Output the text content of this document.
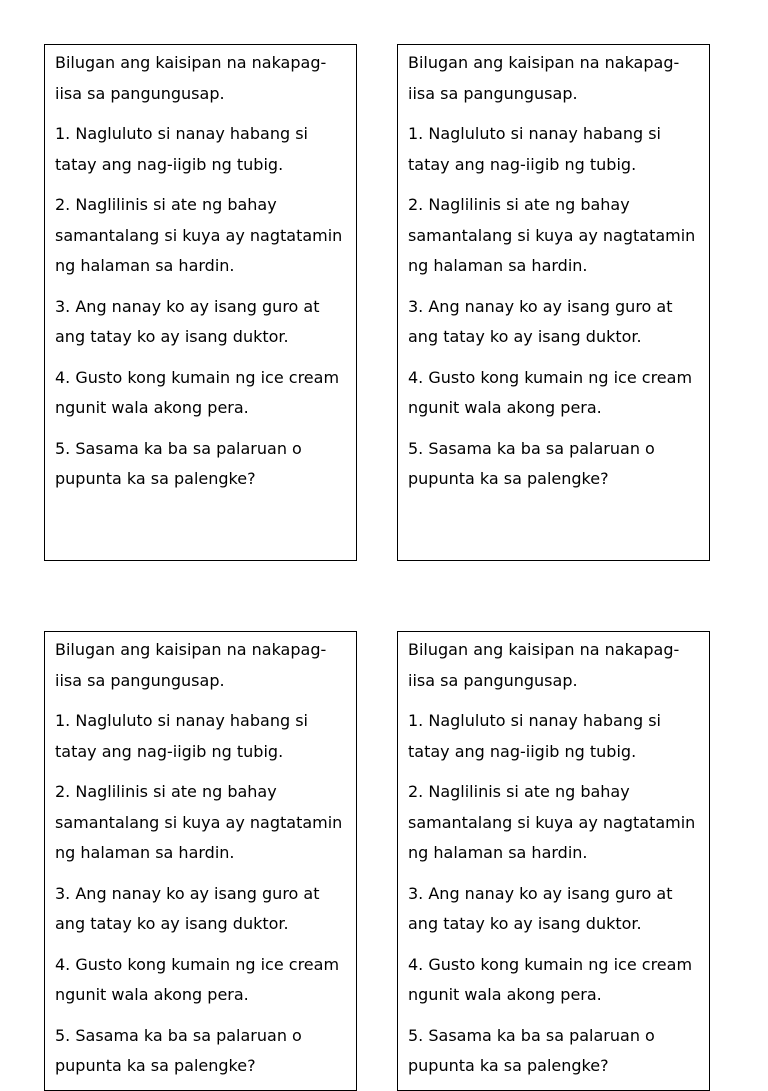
Bilugan ang kaisipan na nakapag-iisa sa pangungusap.

1. Nagluluto si nanay habang si tatay ang nag-iigib ng tubig.

2. Naglilinis si ate ng bahay samantalang si kuya ay nagtatamin ng halaman sa hardin.

3. Ang nanay ko ay isang guro at ang tatay ko ay isang duktor.

4. Gusto kong kumain ng ice cream ngunit wala akong pera.

5. Sasama ka ba sa palaruan o pupunta ka sa palengke?

Bilugan ang kaisipan na nakapag-iisa sa pangungusap.

1. Nagluluto si nanay habang si tatay ang nag-iigib ng tubig.

2. Naglilinis si ate ng bahay samantalang si kuya ay nagtatamin ng halaman sa hardin.

3. Ang nanay ko ay isang guro at ang tatay ko ay isang duktor.

4. Gusto kong kumain ng ice cream ngunit wala akong pera.

5. Sasama ka ba sa palaruan o pupunta ka sa palengke?

Bilugan ang kaisipan na nakapag-iisa sa pangungusap.

1. Nagluluto si nanay habang si tatay ang nag-iigib ng tubig.

2. Naglilinis si ate ng bahay samantalang si kuya ay nagtatamin ng halaman sa hardin.

3. Ang nanay ko ay isang guro at ang tatay ko ay isang duktor.

4. Gusto kong kumain ng ice cream ngunit wala akong pera.

5. Sasama ka ba sa palaruan o pupunta ka sa palengke?

Bilugan ang kaisipan na nakapag-iisa sa pangungusap.

1. Nagluluto si nanay habang si tatay ang nag-iigib ng tubig.

2. Naglilinis si ate ng bahay samantalang si kuya ay nagtatamin ng halaman sa hardin.

3. Ang nanay ko ay isang guro at ang tatay ko ay isang duktor.

4. Gusto kong kumain ng ice cream ngunit wala akong pera.

5. Sasama ka ba sa palaruan o pupunta ka sa palengke?
